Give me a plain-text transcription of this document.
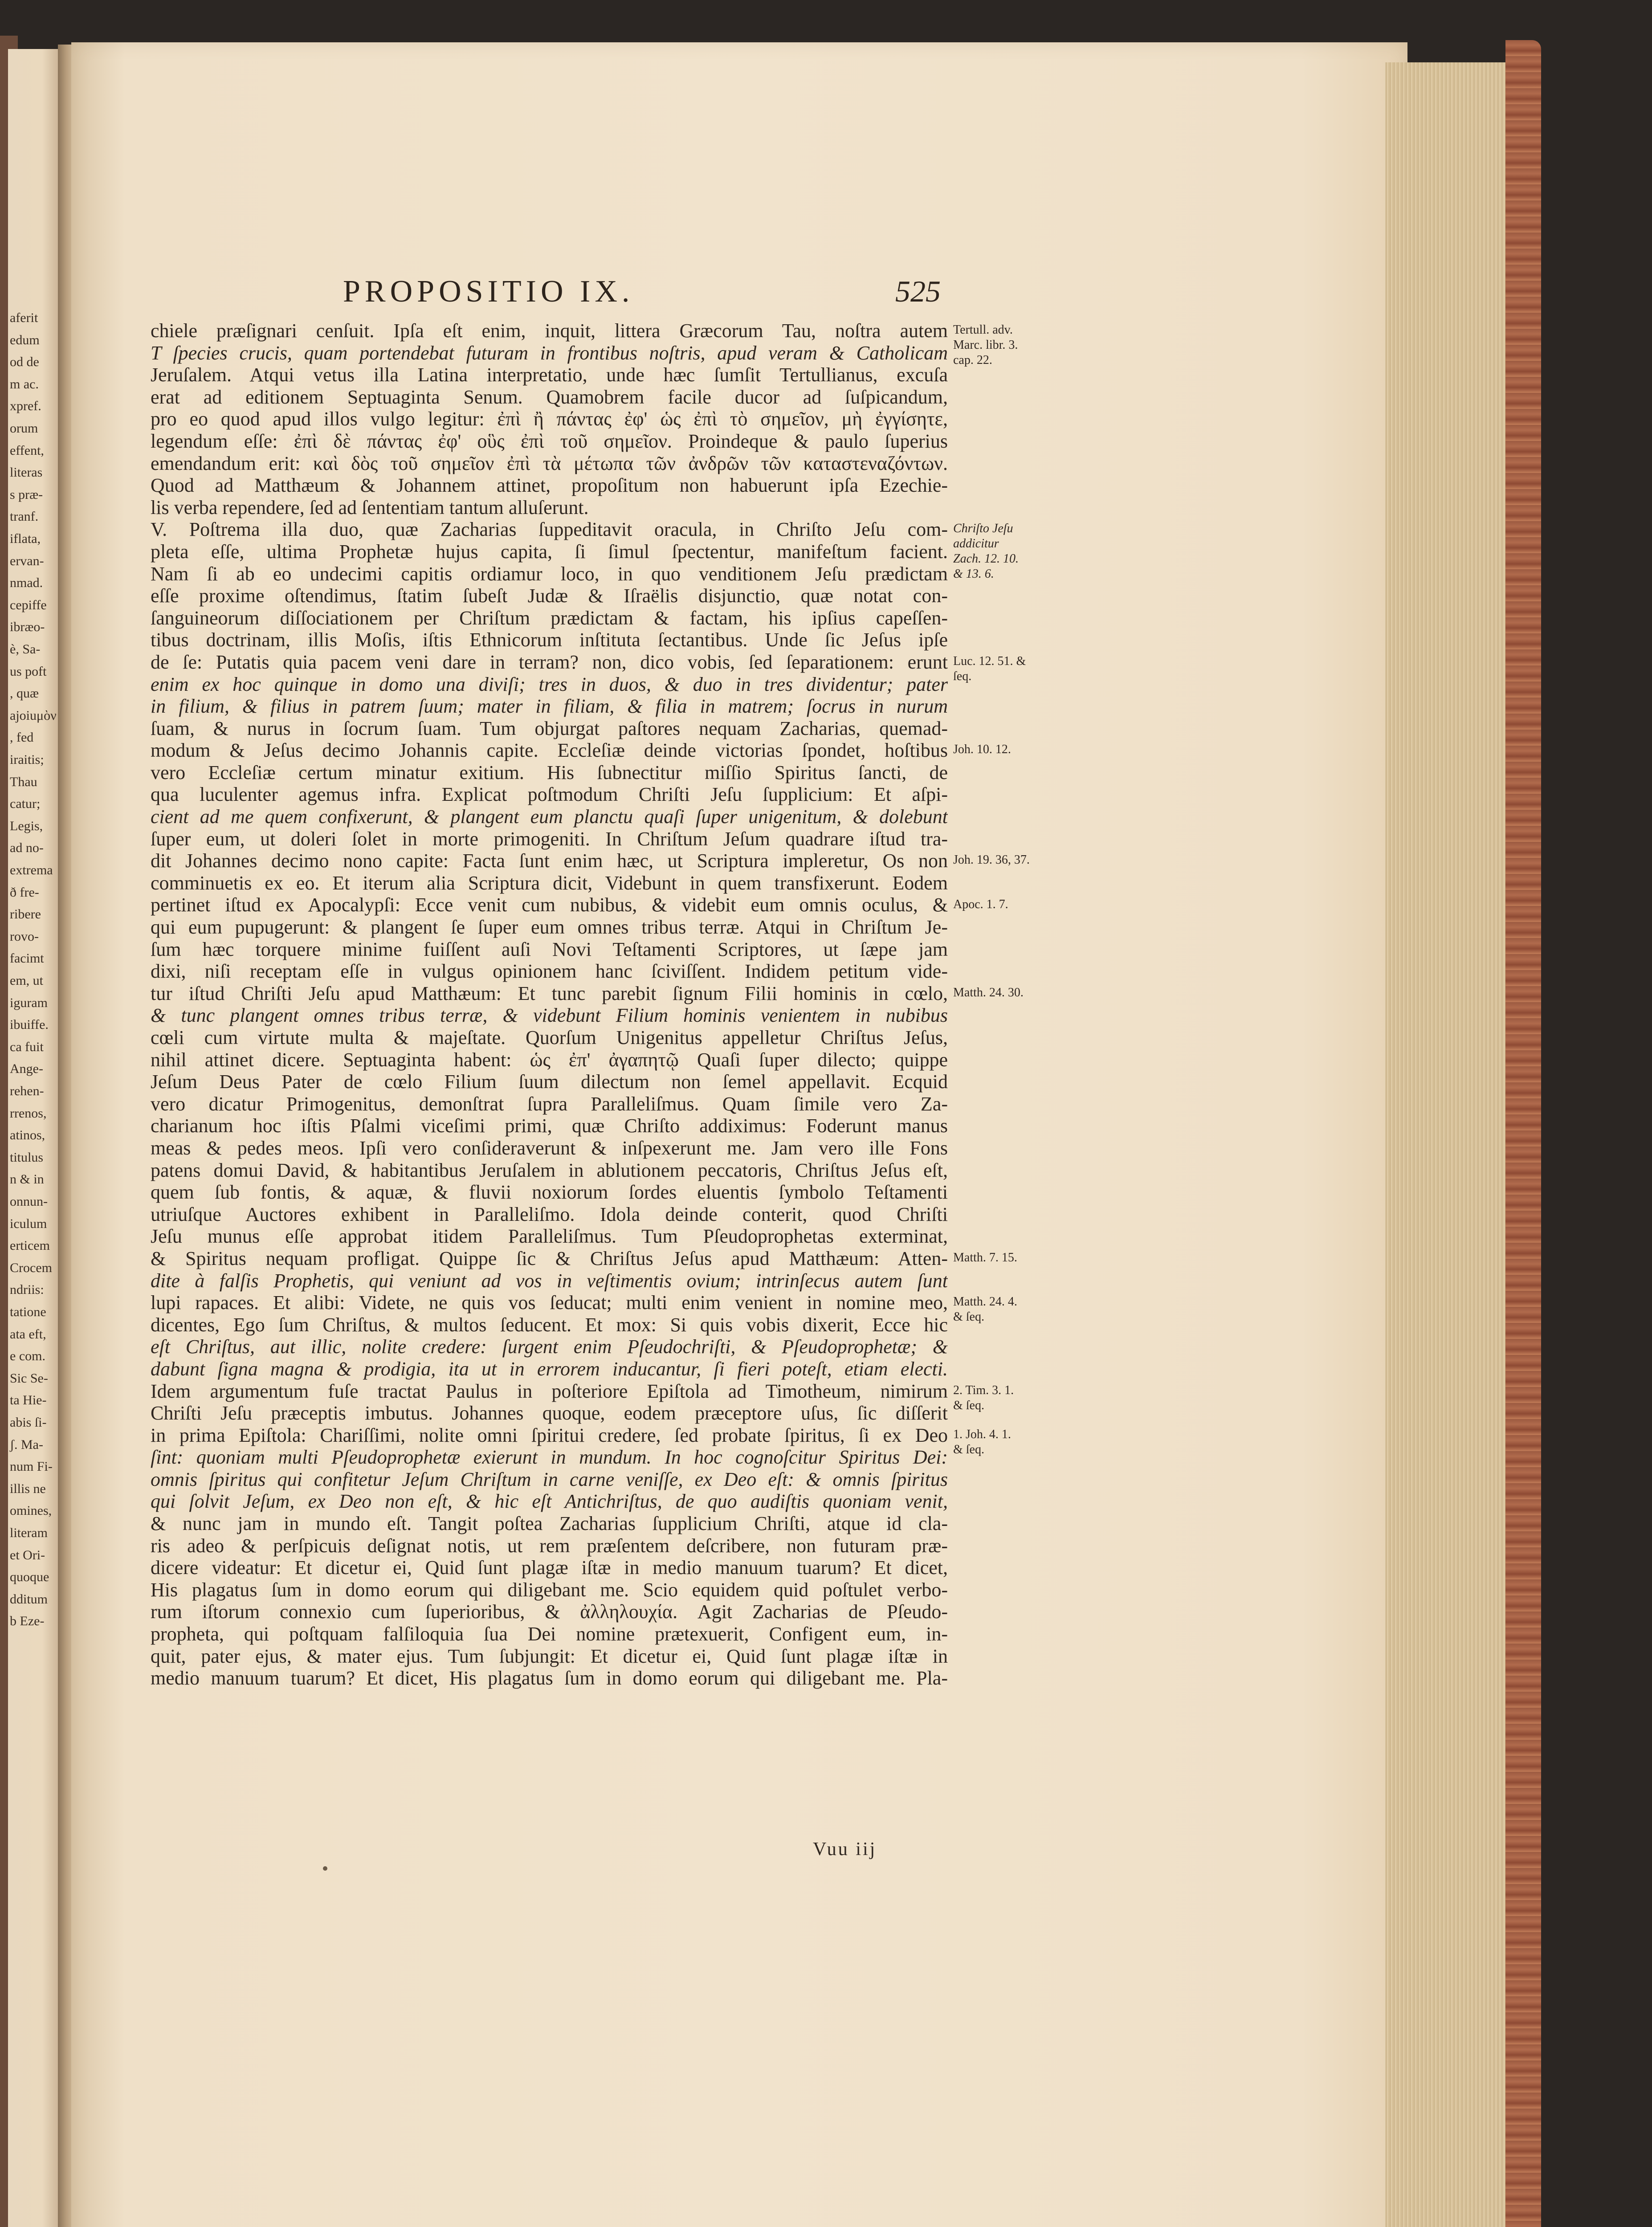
aferit
edum
od de
m ac.
xpref.
orum
effent,
literas
s præ-
tranf.
iflata,
ervan-
nmad.
cepiffe
ibræo-
è, Sa-
us poft
, quæ
ajoiuμὸν
, fed
iraitis;
Thau
catur;
Legis,
ad no-
extrema
ð fre-
ribere
rovo-
facimt
em, ut
iguram
ibuiffe.
ca fuit
Ange-
rehen-
rrenos,
atinos,
titulus
n & in
onnun-
iculum
erticem
Crocem
ndriis:
tatione
ata eft,
e com.
Sic Se-
ta Hie-
abis ſi-
ʃ. Ma-
num Fi-
illis ne
omines,
literam
et Ori-
quoque
dditum
b Eze-
PROPOSITIO IX.	525
chiele præſignari cenſuit. Ipſa eſt enim, inquit, littera Græcorum Tau, noſtra autem
T ſpecies crucis, quam portendebat futuram in frontibus noſtris, apud veram & Catholicam
Jeruſalem. Atqui vetus illa Latina interpretatio, unde hæc ſumſit Tertullianus, excuſa
erat ad editionem Septuaginta Senum. Quamobrem facile ducor ad ſuſpicandum,
pro eo quod apud illos vulgo legitur: ἐπὶ ἢ πάντας ἐφ' ὡς ἐπὶ τὸ σημεῖον, μὴ ἐγγίσητε,
legendum eſſe: ἐπὶ δὲ πάντας ἐφ' οὓς ἐπὶ τοῦ σημεῖον. Proindeque & paulo ſuperius
emendandum erit: καὶ δὸς τοῦ σημεῖον ἐπὶ τὰ μέτωπα τῶν ἀνδρῶν τῶν καταστεναζόντων.
Quod ad Matthæum & Johannem attinet, propoſitum non habuerunt ipſa Ezechie-
lis verba rependere, ſed ad ſententiam tantum alluſerunt.
V. Poſtrema illa duo, quæ Zacharias ſuppeditavit oracula, in Chriſto Jeſu com-
pleta eſſe, ultima Prophetæ hujus capita, ſi ſimul ſpectentur, manifeſtum facient.
Nam ſi ab eo undecimi capitis ordiamur loco, in quo venditionem Jeſu prædictam
eſſe proxime oſtendimus, ſtatim ſubeſt Judæ & Iſraëlis disjunctio, quæ notat con-
ſanguineorum diſſociationem per Chriſtum prædictam & factam, his ipſius capeſſen-
tibus doctrinam, illis Moſis, iſtis Ethnicorum inſtituta ſectantibus. Unde ſic Jeſus ipſe
de ſe: Putatis quia pacem veni dare in terram? non, dico vobis, ſed ſeparationem: erunt
enim ex hoc quinque in domo una diviſi; tres in duos, & duo in tres dividentur; pater
in filium, & filius in patrem ſuum; mater in filiam, & filia in matrem; ſocrus in nurum
ſuam, & nurus in ſocrum ſuam. Tum objurgat paſtores nequam Zacharias, quemad-
modum & Jeſus decimo Johannis capite. Eccleſiæ deinde victorias ſpondet, hoſtibus
vero Eccleſiæ certum minatur exitium. His ſubnectitur miſſio Spiritus ſancti, de
qua luculenter agemus infra. Explicat poſtmodum Chriſti Jeſu ſupplicium: Et aſpi-
cient ad me quem confixerunt, & plangent eum planctu quaſi ſuper unigenitum, & dolebunt
ſuper eum, ut doleri ſolet in morte primogeniti. In Chriſtum Jeſum quadrare iſtud tra-
dit Johannes decimo nono capite: Facta ſunt enim hæc, ut Scriptura impleretur, Os non
comminuetis ex eo. Et iterum alia Scriptura dicit, Videbunt in quem transfixerunt. Eodem
pertinet iſtud ex Apocalypſi: Ecce venit cum nubibus, & videbit eum omnis oculus, &
qui eum pupugerunt: & plangent ſe ſuper eum omnes tribus terræ. Atqui in Chriſtum Je-
ſum hæc torquere minime fuiſſent auſi Novi Teſtamenti Scriptores, ut ſæpe jam
dixi, niſi receptam eſſe in vulgus opinionem hanc ſciviſſent. Indidem petitum vide-
tur iſtud Chriſti Jeſu apud Matthæum: Et tunc parebit ſignum Filii hominis in cœlo,
& tunc plangent omnes tribus terræ, & videbunt Filium hominis venientem in nubibus
cœli cum virtute multa & majeſtate. Quorſum Unigenitus appelletur Chriſtus Jeſus,
nihil attinet dicere. Septuaginta habent: ὡς ἐπ' ἀγαπητῷ Quaſi ſuper dilecto; quippe
Jeſum Deus Pater de cœlo Filium ſuum dilectum non ſemel appellavit. Ecquid
vero dicatur Primogenitus, demonſtrat ſupra Paralleliſmus. Quam ſimile vero Za-
charianum hoc iſtis Pſalmi viceſimi primi, quæ Chriſto addiximus: Foderunt manus
meas & pedes meos. Ipſi vero conſideraverunt & inſpexerunt me. Jam vero ille Fons
patens domui David, & habitantibus Jeruſalem in ablutionem peccatoris, Chriſtus Jeſus eſt,
quem ſub fontis, & aquæ, & fluvii noxiorum ſordes eluentis ſymbolo Teſtamenti
utriuſque Auctores exhibent in Paralleliſmo. Idola deinde conterit, quod Chriſti
Jeſu munus eſſe approbat itidem Paralleliſmus. Tum Pſeudoprophetas exterminat,
& Spiritus nequam profligat. Quippe ſic & Chriſtus Jeſus apud Matthæum: Atten-
dite à falſis Prophetis, qui veniunt ad vos in veſtimentis ovium; intrinſecus autem ſunt
lupi rapaces. Et alibi: Videte, ne quis vos ſeducat; multi enim venient in nomine meo,
dicentes, Ego ſum Chriſtus, & multos ſeducent. Et mox: Si quis vobis dixerit, Ecce hic
eſt Chriſtus, aut illic, nolite credere: ſurgent enim Pſeudochriſti, & Pſeudoprophetæ; &
dabunt ſigna magna & prodigia, ita ut in errorem inducantur, ſi fieri poteſt, etiam electi.
Idem argumentum fuſe tractat Paulus in poſteriore Epiſtola ad Timotheum, nimirum
Chriſti Jeſu præceptis imbutus. Johannes quoque, eodem præceptore uſus, ſic diſſerit
in prima Epiſtola: Chariſſimi, nolite omni ſpiritui credere, ſed probate ſpiritus, ſi ex Deo
ſint: quoniam multi Pſeudoprophetæ exierunt in mundum. In hoc cognoſcitur Spiritus Dei:
omnis ſpiritus qui confitetur Jeſum Chriſtum in carne veniſſe, ex Deo eſt: & omnis ſpiritus
qui ſolvit Jeſum, ex Deo non eſt, & hic eſt Antichriſtus, de quo audiſtis quoniam venit,
& nunc jam in mundo eſt. Tangit poſtea Zacharias ſupplicium Chriſti, atque id cla-
ris adeo & perſpicuis deſignat notis, ut rem præſentem deſcribere, non futuram præ-
dicere videatur: Et dicetur ei, Quid ſunt plagæ iſtæ in medio manuum tuarum? Et dicet,
His plagatus ſum in domo eorum qui diligebant me. Scio equidem quid poſtulet verbo-
rum iſtorum connexio cum ſuperioribus, & ἀλληλουχία. Agit Zacharias de Pſeudo-
propheta, qui poſtquam falſiloquia ſua Dei nomine prætexuerit, Configent eum, in-
quit, pater ejus, & mater ejus. Tum ſubjungit: Et dicetur ei, Quid ſunt plagæ iſtæ in
medio manuum tuarum? Et dicet, His plagatus ſum in domo eorum qui diligebant me. Pla-
Tertull. adv.
Marc. libr. 3.
cap. 22.
Chriſto Jeſu
addicitur
Zach. 12. 10.
& 13. 6.
Luc. 12. 51. &
ſeq.
Joh. 10. 12.
Joh. 19. 36, 37.
Apoc. 1. 7.
Matth. 24. 30.
Matth. 7. 15.
Matth. 24. 4.
& ſeq.
2. Tim. 3. 1.
& ſeq.
1. Joh. 4. 1.
& ſeq.
Vuu iij
